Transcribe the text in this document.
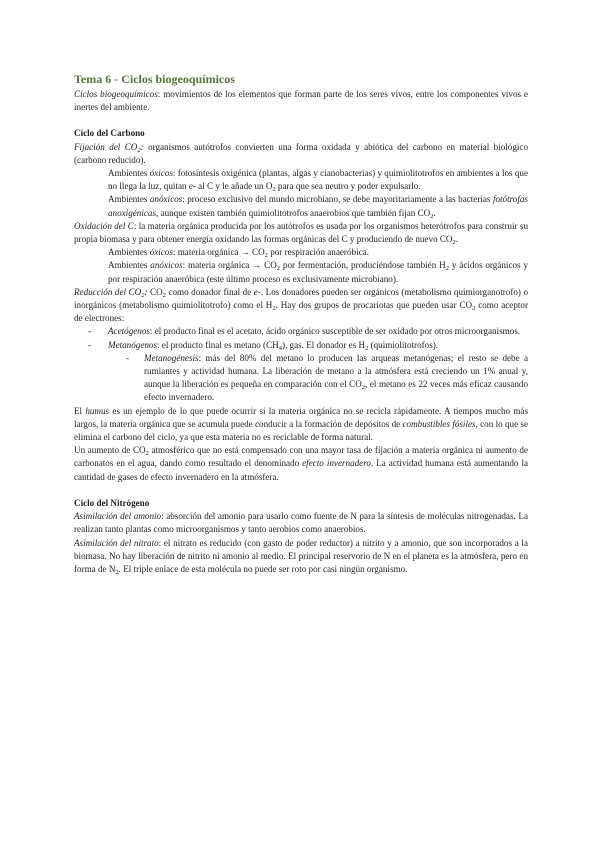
Tema 6 - Ciclos biogeoquímicos

Ciclos biogeoquímicos: movimientos de los elementos que forman parte de los seres vivos, entre los componentes vivos e inertes del ambiente.

Ciclo del Carbono

Fijación del $CO_2$: organismos autótrofos convierten una forma oxidada y abiótica del carbono en material biológico (carbono reducido).

Ambientes óxicos: fotosíntesis oxigénica (plantas, algas y cianobacterias) y quimiolitotrofos en ambientes a los que no llega la luz, quitan e- al C y le añade un $O_2$ para que sea neutro y poder expulsarlo.

Ambientes anóxicos: proceso exclusivo del mundo microbiano, se debe mayoritariamente a las bacterias fotótrofas anoxigénicas, aunque existen también quimiolitotrofos anaerobios que también fijan $CO_2$.

Oxidación del C: la materia orgánica producida por los autótrofos es usada por los organismos heterótrofos para construir su propia biomasa y para obtener energía oxidando las formas orgánicas del C y produciendo de nuevo $CO_2$.

Ambientes óxicos: materia orgánica → $CO_2$ por respiración anaeróbica.

Ambientes anóxicos: materia orgánica → $CO_2$ por fermentación, produciéndose también $H_2$ y ácidos orgánicos y por respiración anaeróbica (este último proceso es exclusivamente microbiano).

Reducción del $CO_2$: $CO_2$ como donador final de e-. Los donadores pueden ser orgánicos (metabolismo quimiorganotrofo) o inorgánicos (metabolismo quimiolitotrofo) como el $H_2$. Hay dos grupos de procariotas que pueden usar $CO_2$ como aceptor de electrones:

- Acetógenos: el producto final es el acetato, ácido orgánico susceptible de ser oxidado por otros microorganismos.

- Metanógenos: el producto final es metano $(CH_4)$, gas. El donador es $H_2$ (quimiolitotrofos).

- Metanogénesis: más del 80% del metano lo producen las arqueas metanógenas; el resto se debe a rumiantes y actividad humana. La liberación de metano a la atmósfera está creciendo un 1% anual y, aunque la liberación es pequeña en comparación con el $CO_2$, el metano es 22 veces más eficaz causando efecto invernadero.

El humus es un ejemplo de lo que puede ocurrir si la materia orgánica no se recicla rápidamente. A tiempos mucho más largos, la materia orgánica que se acumula puede conducir a la formación de depósitos de combustibles fósiles, con lo que se elimina el carbono del ciclo, ya que esta materia no es reciclable de forma natural.

Un aumento de $CO_2$ atmosférico que no está compensado con una mayor tasa de fijación a materia orgánica ni aumento de carbonatos en el agua, dando como resultado el denominado efecto invernadero. La actividad humana está aumentando la cantidad de gases de efecto invernadero en la atmósfera.

Ciclo del Nitrógeno

Asimilación del amonio: absorción del amonio para usarlo como fuente de N para la síntesis de moléculas nitrogenadas. La realizan tanto plantas como microorganismos y tanto aerobios como anaerobios.

Asimilación del nitrato: el nitrato es reducido (con gasto de poder reductor) a nitrito y a amonio, que son incorporados a la biomasa. No hay liberación de nitrito ni amonio al medio. El principal reservorio de N en el planeta es la atmósfera, pero en forma de $N_2$. El triple enlace de esta molécula no puede ser roto por casi ningún organismo.
